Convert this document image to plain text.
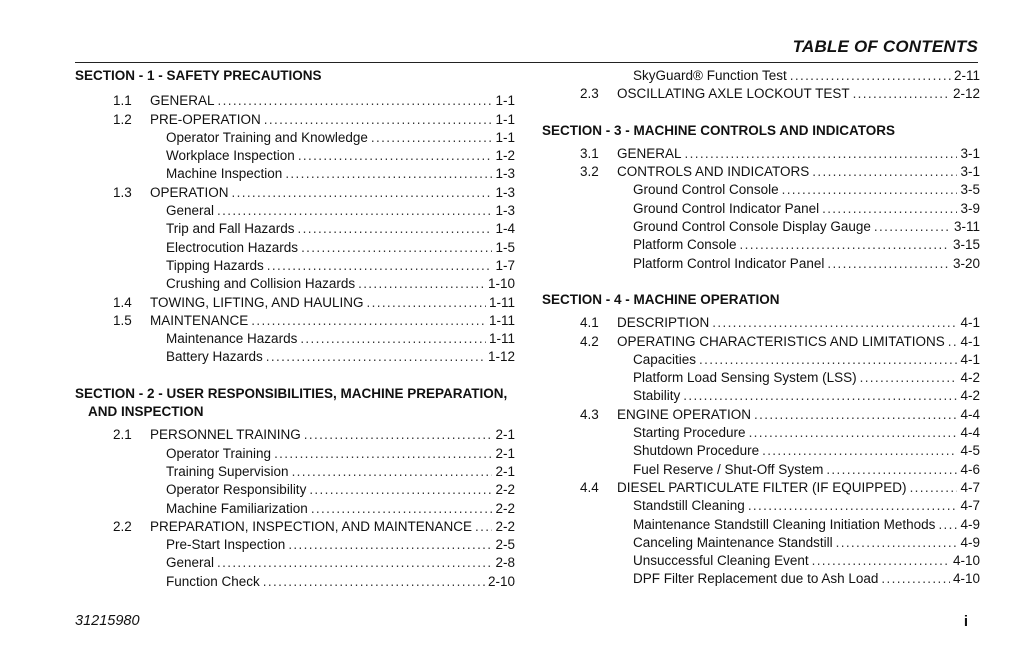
TABLE OF CONTENTS
SECTION - 1 - SAFETY PRECAUTIONS
1.1	GENERAL . . .	1-1
1.2	PRE-OPERATION . . .	1-1
Operator Training and Knowledge . . .	1-1
Workplace Inspection . . .	1-2
Machine Inspection . . .	1-3
1.3	OPERATION . . .	1-3
General . . .	1-3
Trip and Fall Hazards . . .	1-4
Electrocution Hazards . . .	1-5
Tipping Hazards . . .	1-7
Crushing and Collision Hazards . . .	1-10
1.4	TOWING, LIFTING, AND HAULING . . .	1-11
1.5	MAINTENANCE . . .	1-11
Maintenance Hazards . . .	1-11
Battery Hazards . . .	1-12
SECTION - 2 - USER RESPONSIBILITIES, MACHINE PREPARATION,
AND INSPECTION
2.1	PERSONNEL TRAINING . . .	2-1
Operator Training . . .	2-1
Training Supervision . . .	2-1
Operator Responsibility . . .	2-2
Machine Familiarization . . .	2-2
2.2	PREPARATION, INSPECTION, AND MAINTENANCE . . . 2-2
Pre-Start Inspection . . .	2-5
General . . .	2-8
Function Check . . .	2-10
SkyGuard® Function Test . . .	2-11
2.3	OSCILLATING AXLE LOCKOUT TEST . . .	2-12
SECTION - 3 - MACHINE CONTROLS AND INDICATORS
3.1	GENERAL . . .	3-1
3.2	CONTROLS AND INDICATORS . . .	3-1
Ground Control Console . . .	3-5
Ground Control Indicator Panel . . .	3-9
Ground Control Console Display Gauge . . .	3-11
Platform Console . . .	3-15
Platform Control Indicator Panel . . .	3-20
SECTION - 4 - MACHINE OPERATION
4.1	DESCRIPTION . . .	4-1
4.2	OPERATING CHARACTERISTICS AND LIMITATIONS . . . 4-1
Capacities . . .	4-1
Platform Load Sensing System (LSS) . . .	4-2
Stability . . .	4-2
4.3	ENGINE OPERATION . . .	4-4
Starting Procedure . . .	4-4
Shutdown Procedure . . .	4-5
Fuel Reserve / Shut-Off System . . .	4-6
4.4	DIESEL PARTICULATE FILTER (IF EQUIPPED) . . .	4-7
Standstill Cleaning . . .	4-7
Maintenance Standstill Cleaning Initiation Methods . . . 4-9
Canceling Maintenance Standstill . . .	4-9
Unsuccessful Cleaning Event . . .	4-10
DPF Filter Replacement due to Ash Load . . .	4-10
31215980	i
